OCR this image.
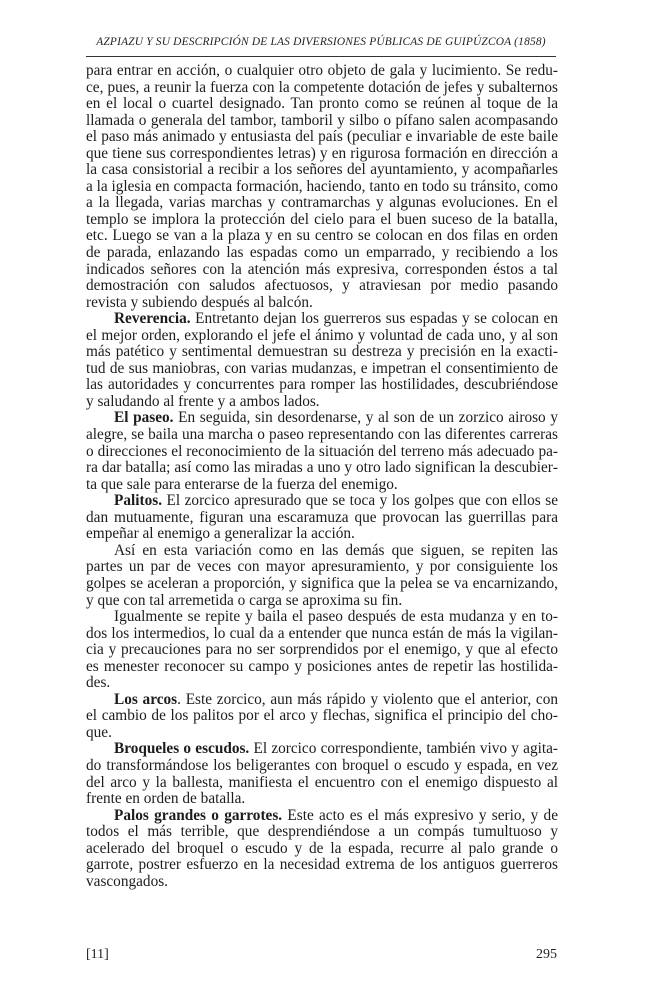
AZPIAZU Y SU DESCRIPCIÓN DE LAS DIVERSIONES PÚBLICAS DE GUIPÚZCOA (1858)

para entrar en acción, o cualquier otro objeto de gala y lucimiento. Se reduce, pues, a reunir la fuerza con la competente dotación de jefes y subalternos en el local o cuartel designado. Tan pronto como se reúnen al toque de la llamada o generala del tambor, tamboril y silbo o pífano salen acompasando el paso más animado y entusiasta del país (peculiar e invariable de este baile que tiene sus correspondientes letras) y en rigurosa formación en dirección a la casa consistorial a recibir a los señores del ayuntamiento, y acompañarles a la iglesia en compacta formación, haciendo, tanto en todo su tránsito, como a la llegada, varias marchas y contramarchas y algunas evoluciones. En el templo se implora la protección del cielo para el buen suceso de la batalla, etc. Luego se van a la plaza y en su centro se colocan en dos filas en orden de parada, enlazando las espadas como un emparrado, y recibiendo a los indicados señores con la atención más expresiva, corresponden éstos a tal demostración con saludos afectuosos, y atraviesan por medio pasando revista y subiendo después al balcón.

Reverencia. Entretanto dejan los guerreros sus espadas y se colocan en el mejor orden, explorando el jefe el ánimo y voluntad de cada uno, y al son más patético y sentimental demuestran su destreza y precisión en la exactitud de sus maniobras, con varias mudanzas, e impetran el consentimiento de las autoridades y concurrentes para romper las hostilidades, descubriéndose y saludando al frente y a ambos lados.

El paseo. En seguida, sin desordenarse, y al son de un zorzico airoso y alegre, se baila una marcha o paseo representando con las diferentes carreras o direcciones el reconocimiento de la situación del terreno más adecuado para dar batalla; así como las miradas a uno y otro lado significan la descubierta que sale para enterarse de la fuerza del enemigo.

Palitos. El zorcico apresurado que se toca y los golpes que con ellos se dan mutuamente, figuran una escaramuza que provocan las guerrillas para empeñar al enemigo a generalizar la acción.

Así en esta variación como en las demás que siguen, se repiten las partes un par de veces con mayor apresuramiento, y por consiguiente los golpes se aceleran a proporción, y significa que la pelea se va encarnizando, y que con tal arremetida o carga se aproxima su fin.

Igualmente se repite y baila el paseo después de esta mudanza y en todos los intermedios, lo cual da a entender que nunca están de más la vigilancia y precauciones para no ser sorprendidos por el enemigo, y que al efecto es menester reconocer su campo y posiciones antes de repetir las hostilidades.

Los arcos. Este zorcico, aun más rápido y violento que el anterior, con el cambio de los palitos por el arco y flechas, significa el principio del choque.

Broqueles o escudos. El zorcico correspondiente, también vivo y agitado transformándose los beligerantes con broquel o escudo y espada, en vez del arco y la ballesta, manifiesta el encuentro con el enemigo dispuesto al frente en orden de batalla.

Palos grandes o garrotes. Este acto es el más expresivo y serio, y de todos el más terrible, que desprendiéndose a un compás tumultuoso y acelerado del broquel o escudo y de la espada, recurre al palo grande o garrote, postrer esfuerzo en la necesidad extrema de los antiguos guerreros vascongados.

[11]	295
